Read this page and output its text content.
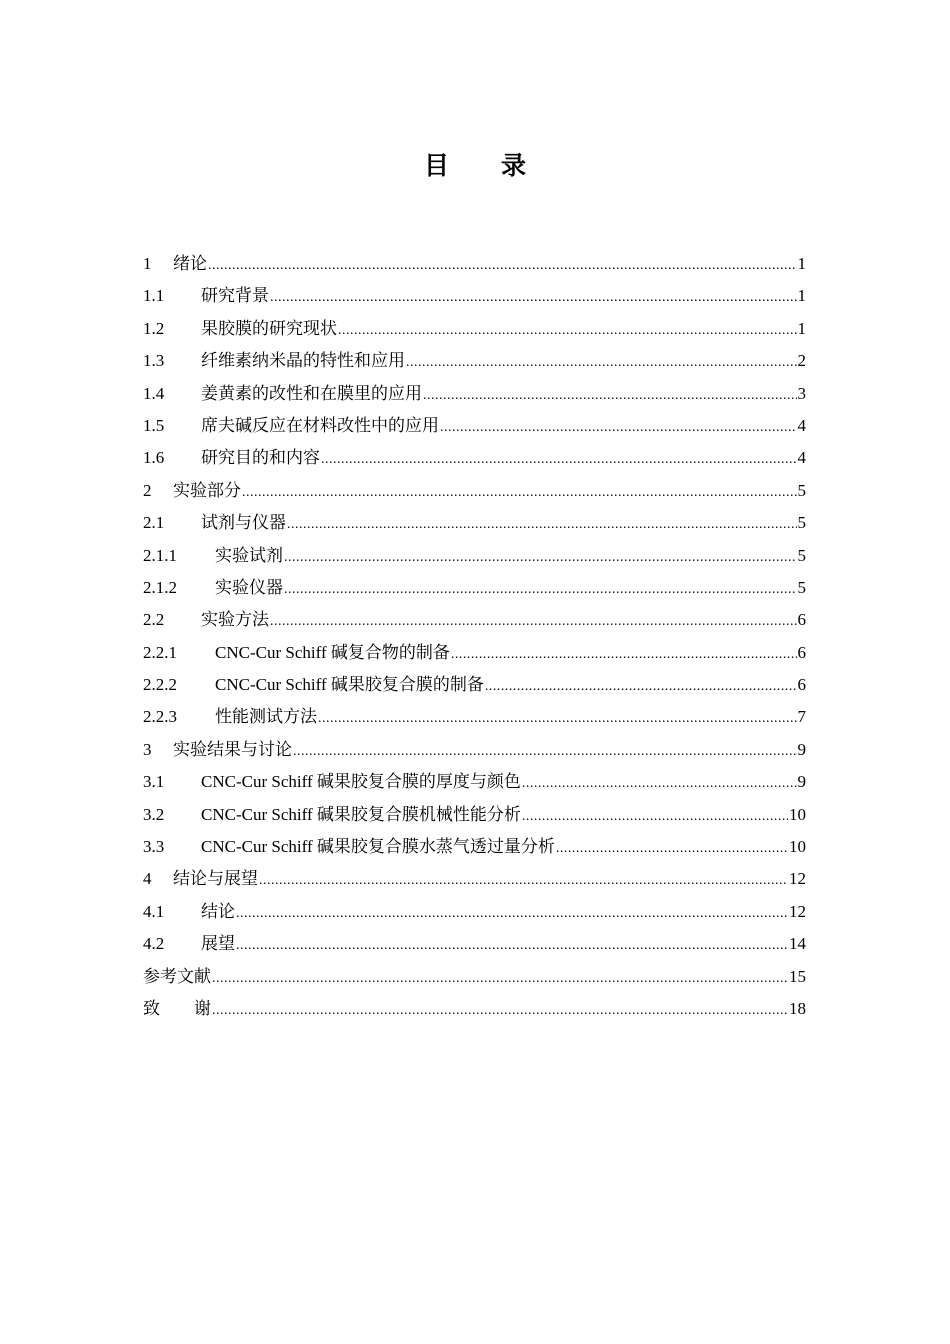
目 录
1	绪论 .....	1
1.1	研究背景 .....	1
1.2	果胶膜的研究现状 .....	1
1.3	纤维素纳米晶的特性和应用 .....	2
1.4	姜黄素的改性和在膜里的应用 .....	3
1.5	席夫碱反应在材料改性中的应用 .....	4
1.6	研究目的和内容 .....	4
2	实验部分 .....	5
2.1	试剂与仪器 .....	5
2.1.1	实验试剂 .....	5
2.1.2	实验仪器 .....	5
2.2	实验方法 .....	6
2.2.1	CNC-Cur Schiff 碱复合物的制备 .....	6
2.2.2	CNC-Cur Schiff 碱果胶复合膜的制备 .....	6
2.2.3	性能测试方法 .....	7
3	实验结果与讨论 .....	9
3.1	CNC-Cur Schiff 碱果胶复合膜的厚度与颜色 .....	9
3.2	CNC-Cur Schiff 碱果胶复合膜机械性能分析 .....	10
3.3	CNC-Cur Schiff 碱果胶复合膜水蒸气透过量分析 .....	10
4	结论与展望 .....	12
4.1	结论 .....	12
4.2	展望 .....	14
参考文献 .....	15
致　　谢 .....	18
